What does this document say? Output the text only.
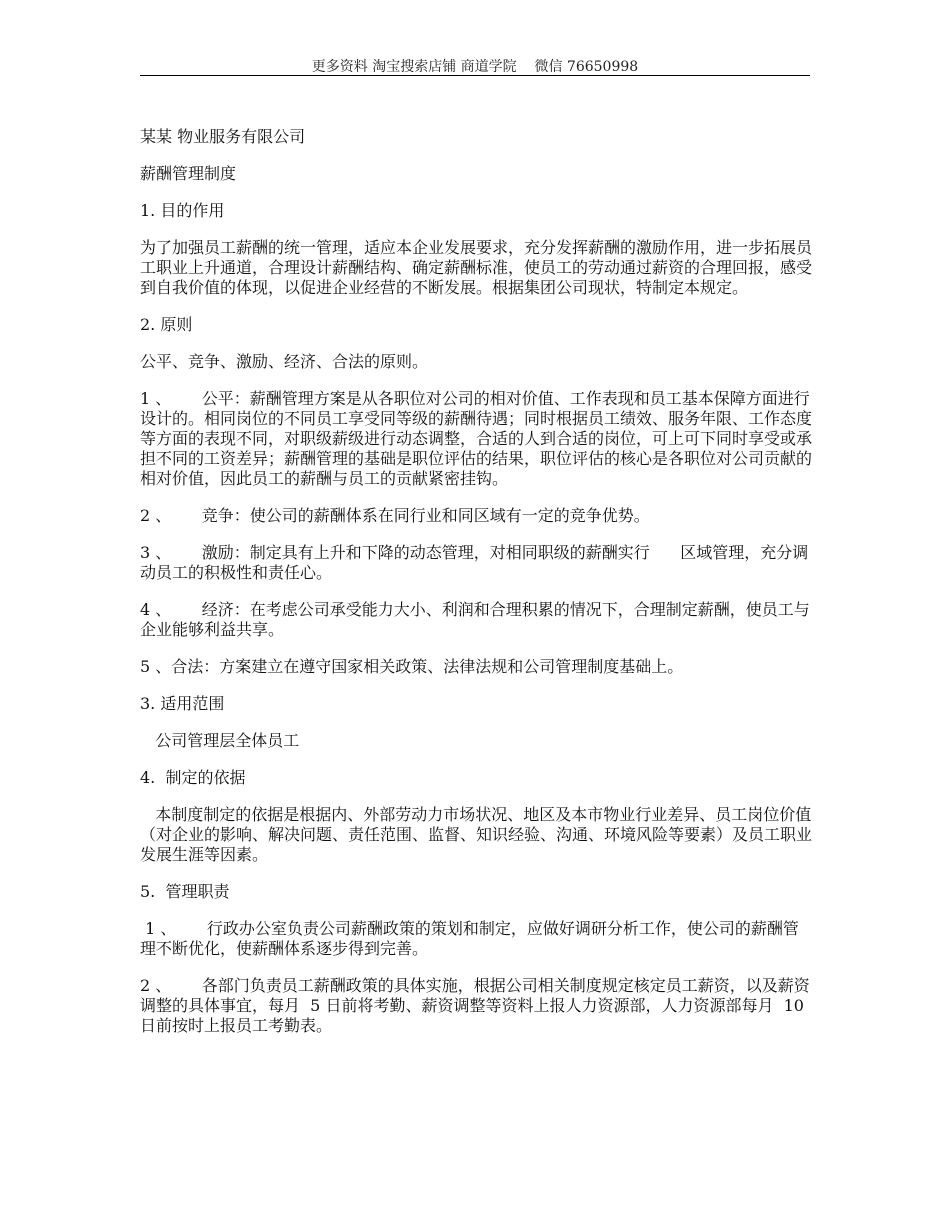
更多资料 淘宝搜索店铺 商道学院    微信 76650998

某某 物业服务有限公司

薪酬管理制度

1. 目的作用

为了加强员工薪酬的统一管理，适应本企业发展要求，充分发挥薪酬的激励作用，进一步拓展员工职业上升通道，合理设计薪酬结构、确定薪酬标准，使员工的劳动通过薪资的合理回报，感受到自我价值的体现，以促进企业经营的不断发展。根据集团公司现状，特制定本规定。

2. 原则

公平、竞争、激励、经济、合法的原则。

1 、      公平：薪酬管理方案是从各职位对公司的相对价值、工作表现和员工基本保障方面进行设计的。相同岗位的不同员工享受同等级的薪酬待遇；同时根据员工绩效、服务年限、工作态度等方面的表现不同，对职级薪级进行动态调整，合适的人到合适的岗位，可上可下同时享受或承担不同的工资差异；薪酬管理的基础是职位评估的结果，职位评估的核心是各职位对公司贡献的相对价值，因此员工的薪酬与员工的贡献紧密挂钩。

2 、      竞争：使公司的薪酬体系在同行业和同区域有一定的竞争优势。

3 、      激励：制定具有上升和下降的动态管理，对相同职级的薪酬实行      区域管理，充分调动员工的积极性和责任心。

4 、      经济：在考虑公司承受能力大小、利润和合理积累的情况下，合理制定薪酬，使员工与企业能够利益共享。

5 、合法：方案建立在遵守国家相关政策、法律法规和公司管理制度基础上。

3. 适用范围

公司管理层全体员工

4.  制定的依据

本制度制定的依据是根据内、外部劳动力市场状况、地区及本市物业行业差异、员工岗位价值（对企业的影响、解决问题、责任范围、监督、知识经验、沟通、环境风险等要素）及员工职业发展生涯等因素。

5.  管理职责

1 、      行政办公室负责公司薪酬政策的策划和制定，应做好调研分析工作，使公司的薪酬管理不断优化，使薪酬体系逐步得到完善。

2 、      各部门负责员工薪酬政策的具体实施，根据公司相关制度规定核定员工薪资，以及薪资调整的具体事宜，每月  5 日前将考勤、薪资调整等资料上报人力资源部，人力资源部每月  10 日前按时上报员工考勤表。
